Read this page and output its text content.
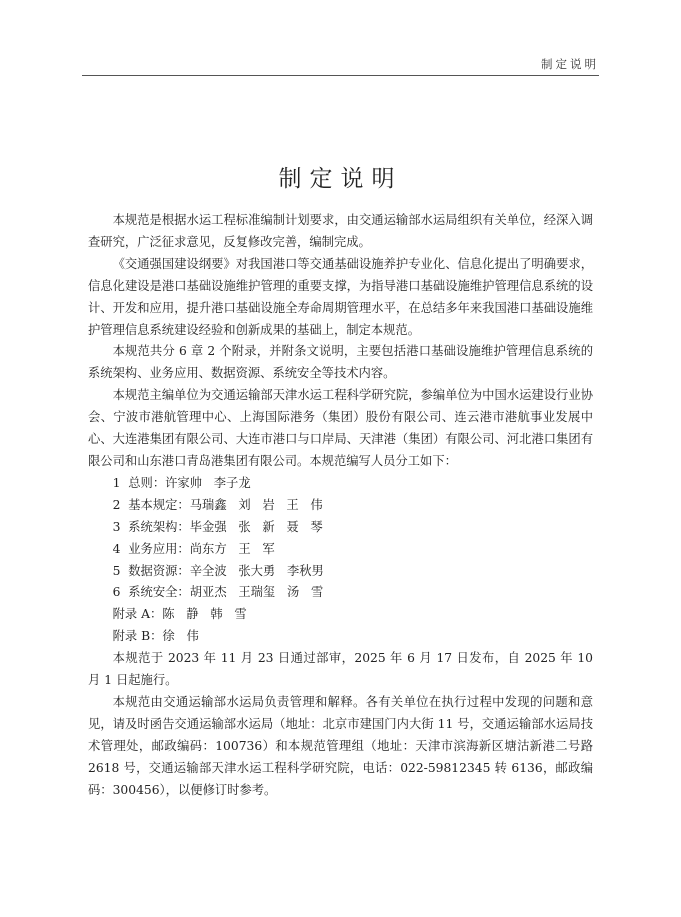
制定说明
制定说明

本规范是根据水运工程标准编制计划要求，由交通运输部水运局组织有关单位，经深入调查研究，广泛征求意见，反复修改完善，编制完成。

《交通强国建设纲要》对我国港口等交通基础设施养护专业化、信息化提出了明确要求，信息化建设是港口基础设施维护管理的重要支撑，为指导港口基础设施维护管理信息系统的设计、开发和应用，提升港口基础设施全寿命周期管理水平，在总结多年来我国港口基础设施维护管理信息系统建设经验和创新成果的基础上，制定本规范。

本规范共分 6 章 2 个附录，并附条文说明，主要包括港口基础设施维护管理信息系统的系统架构、业务应用、数据资源、系统安全等技术内容。

本规范主编单位为交通运输部天津水运工程科学研究院，参编单位为中国水运建设行业协会、宁波市港航管理中心、上海国际港务（集团）股份有限公司、连云港市港航事业发展中心、大连港集团有限公司、大连市港口与口岸局、天津港（集团）有限公司、河北港口集团有限公司和山东港口青岛港集团有限公司。本规范编写人员分工如下：

1  总则：许家帅   李子龙
2  基本规定：马瑞鑫   刘   岩   王   伟
3  系统架构：毕金强   张   新   聂   琴
4  业务应用：尚东方   王   军
5  数据资源：辛全波   张大勇   李秋男
6  系统安全：胡亚杰   王瑞玺   汤   雪
附录 A：陈   静   韩   雪
附录 B：徐   伟

本规范于 2023 年 11 月 23 日通过部审，2025 年 6 月 17 日发布，自 2025 年 10 月 1 日起施行。

本规范由交通运输部水运局负责管理和解释。各有关单位在执行过程中发现的问题和意见，请及时函告交通运输部水运局（地址：北京市建国门内大街 11 号，交通运输部水运局技术管理处，邮政编码：100736）和本规范管理组（地址：天津市滨海新区塘沽新港二号路 2618 号，交通运输部天津水运工程科学研究院，电话：022-59812345 转 6136，邮政编码：300456），以便修订时参考。
